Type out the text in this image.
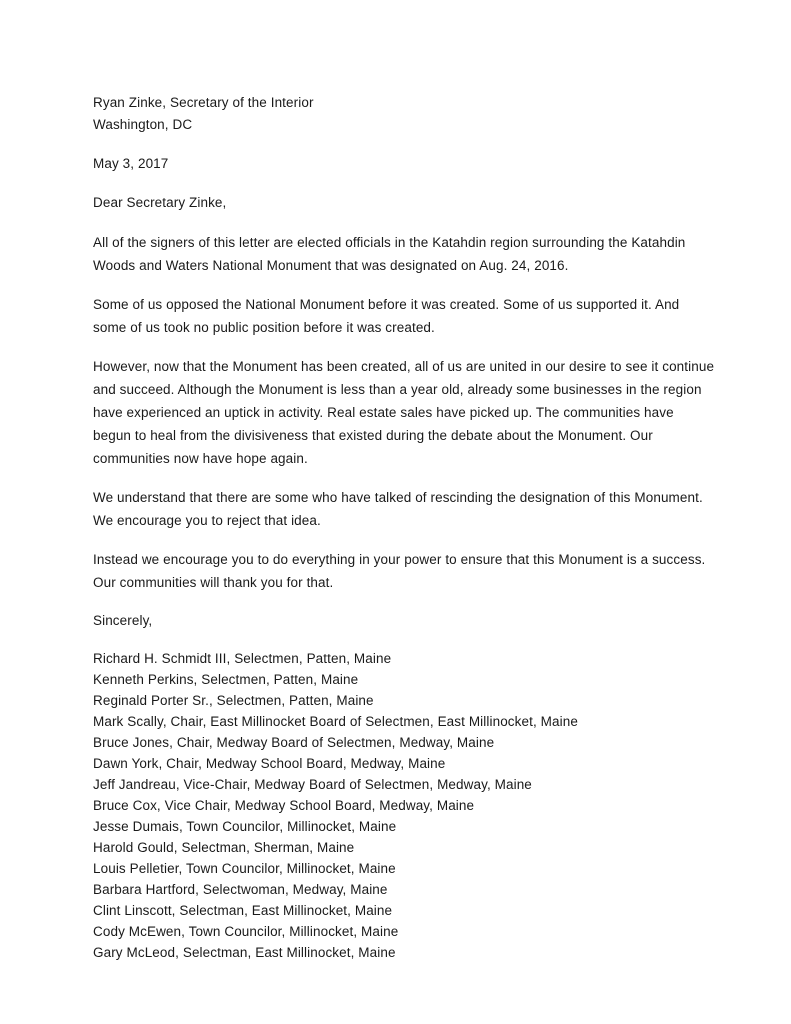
Ryan Zinke, Secretary of the Interior

Washington, DC

May 3, 2017

Dear Secretary Zinke,

All of the signers of this letter are elected officials in the Katahdin region surrounding the Katahdin Woods and Waters National Monument that was designated on Aug. 24, 2016.

Some of us opposed the National Monument before it was created. Some of us supported it. And some of us took no public position before it was created.

However, now that the Monument has been created, all of us are united in our desire to see it continue and succeed. Although the Monument is less than a year old, already some businesses in the region have experienced an uptick in activity. Real estate sales have picked up. The communities have begun to heal from the divisiveness that existed during the debate about the Monument. Our communities now have hope again.

We understand that there are some who have talked of rescinding the designation of this Monument. We encourage you to reject that idea.

Instead we encourage you to do everything in your power to ensure that this Monument is a success. Our communities will thank you for that.

Sincerely,

Richard H. Schmidt III, Selectmen, Patten, Maine
Kenneth Perkins, Selectmen, Patten, Maine
Reginald Porter Sr., Selectmen, Patten, Maine
Mark Scally, Chair, East Millinocket Board of Selectmen, East Millinocket, Maine
Bruce Jones, Chair, Medway Board of Selectmen, Medway, Maine
Dawn York, Chair, Medway School Board, Medway, Maine
Jeff Jandreau, Vice-Chair, Medway Board of Selectmen, Medway, Maine
Bruce Cox, Vice Chair, Medway School Board, Medway, Maine
Jesse Dumais, Town Councilor, Millinocket, Maine
Harold Gould, Selectman, Sherman, Maine
Louis Pelletier, Town Councilor, Millinocket, Maine
Barbara Hartford, Selectwoman, Medway, Maine
Clint Linscott, Selectman, East Millinocket, Maine
Cody McEwen, Town Councilor, Millinocket, Maine
Gary McLeod, Selectman, East Millinocket, Maine
